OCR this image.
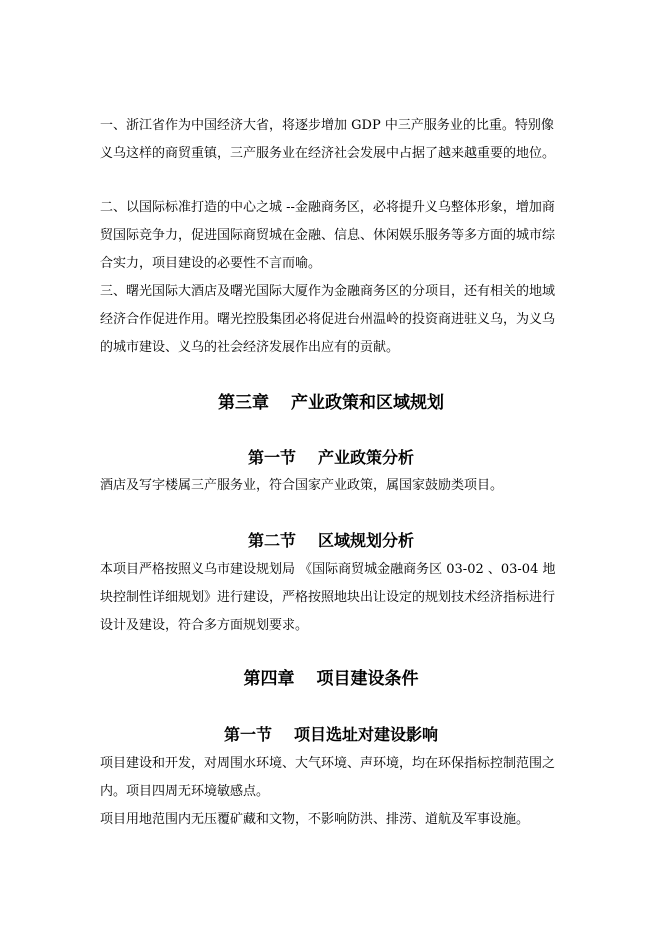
一、浙江省作为中国经济大省，将逐步增加 GDP 中三产服务业的比重。特别像义乌这样的商贸重镇，三产服务业在经济社会发展中占据了越来越重要的地位。

二、以国际标准打造的中心之城 --金融商务区，必将提升义乌整体形象，增加商贸国际竞争力，促进国际商贸城在金融、信息、休闲娱乐服务等多方面的城市综合实力，项目建设的必要性不言而喻。

三、曙光国际大酒店及曙光国际大厦作为金融商务区的分项目，还有相关的地域经济合作促进作用。曙光控股集团必将促进台州温岭的投资商进驻义乌，为义乌的城市建设、义乌的社会经济发展作出应有的贡献。

第三章 产业政策和区域规划
第一节 产业政策分析

酒店及写字楼属三产服务业，符合国家产业政策，属国家鼓励类项目。

第二节 区域规划分析

本项目严格按照义乌市建设规划局 《国际商贸城金融商务区 03-02 、03-04 地块控制性详细规划》进行建设，严格按照地块出让设定的规划技术经济指标进行设计及建设，符合多方面规划要求。

第四章 项目建设条件
第一节 项目选址对建设影响

项目建设和开发，对周围水环境、大气环境、声环境，均在环保指标控制范围之内。项目四周无环境敏感点。

项目用地范围内无压覆矿藏和文物，不影响防洪、排涝、道航及军事设施。
